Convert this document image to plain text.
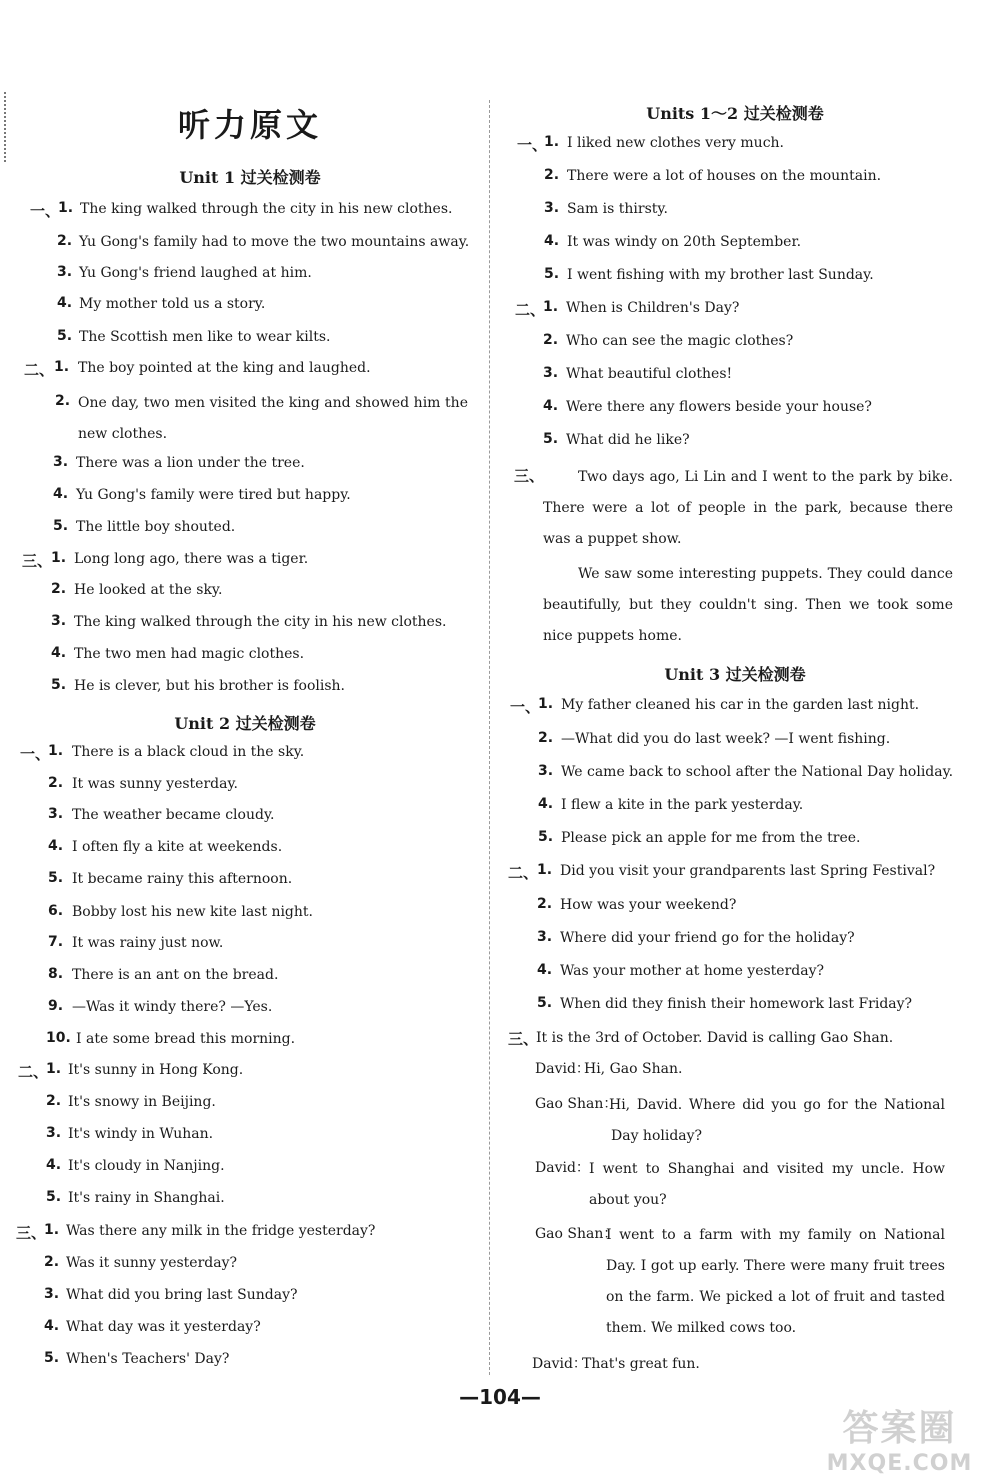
听力原文
Unit 1 过关检测卷
一、
1. The king walked through the city in his new clothes.
2. Yu Gong's family had to move the two mountains away.
3. Yu Gong's friend laughed at him.
4. My mother told us a story.
5. The Scottish men like to wear kilts.
二、 1. The boy pointed at the king and laughed.
2. One day, two men visited the king and showed him the new clothes.
3. There was a lion under the tree.
4. Yu Gong's family were tired but happy.
5. The little boy shouted.
三、
1. Long long ago, there was a tiger.
2. He looked at the sky.
3. The king walked through the city in his new clothes.
4. The two men had magic clothes.
5. He is clever, but his brother is foolish.
Unit 2 过关检测卷
一、
1. There is a black cloud in the sky.
2. It was sunny yesterday.
3. The weather became cloudy.
4. I often fly a kite at weekends.
5. It became rainy this afternoon.
6. Bobby lost his new kite last night.
7. It was rainy just now.
8. There is an ant on the bread.
9. —Was it windy there? —Yes.
10. I ate some bread this morning.
二、
1. It's sunny in Hong Kong.
2. It's snowy in Beijing.
3. It's windy in Wuhan.
4. It's cloudy in Nanjing.
5. It's rainy in Shanghai.
三、
1. Was there any milk in the fridge yesterday?
2. Was it sunny yesterday?
3. What did you bring last Sunday?
4. What day was it yesterday?
5. When's Teachers' Day?
Units 1～2 过关检测卷
一、
1. I liked new clothes very much.
2. There were a lot of houses on the mountain.
3. Sam is thirsty.
4. It was windy on 20th September.
5. I went fishing with my brother last Sunday.
二、
1. When is Children's Day?
2. Who can see the magic clothes?
3. What beautiful clothes!
4. Were there any flowers beside your house?
5. What did he like?
三、	Two days ago, Li Lin and I went to the park by bike. There were a lot of people in the park, because there was a puppet show.
We saw some interesting puppets. They could dance beautifully, but they couldn't sing. Then we took some nice puppets home.
Unit 3 过关检测卷
一、
1. My father cleaned his car in the garden last night.
2. —What did you do last week? —I went fishing.
3. We came back to school after the National Day holiday.
4. I flew a kite in the park yesterday.
5. Please pick an apple for me from the tree.
二、
1. Did you visit your grandparents last Spring Festival?
2. How was your weekend?
3. Where did your friend go for the holiday?
4. Was your mother at home yesterday?
5. When did they finish their homework last Friday?
三、
It is the 3rd of October. David is calling Gao Shan.
David：
Hi, Gao Shan.
Gao Shan：
Hi, David. Where did you go for the National Day holiday?
David： I went to Shanghai and visited my uncle. How about you?
Gao Shan：
I went to a farm with my family on National Day. I got up early. There were many fruit trees on the farm. We picked a lot of fruit and tasted them. We milked cows too.
David：
That's great fun.
—104—
答案圈
MXQE.COM
